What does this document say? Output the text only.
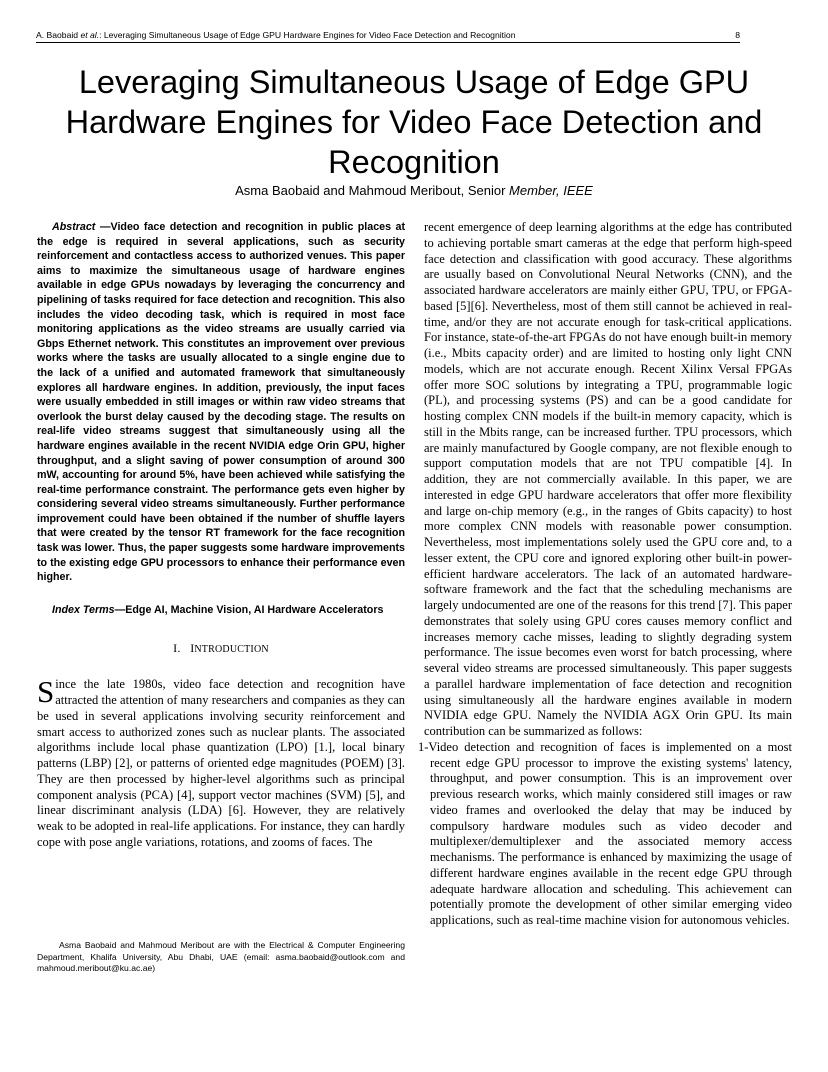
A. Baobaid et al.: Leveraging Simultaneous Usage of Edge GPU Hardware Engines for Video Face Detection and Recognition	8
Leveraging Simultaneous Usage of Edge GPU Hardware Engines for Video Face Detection and Recognition
Asma Baobaid and Mahmoud Meribout, Senior Member, IEEE

Abstract —Video face detection and recognition in public places at the edge is required in several applications, such as security reinforcement and contactless access to authorized venues. This paper aims to maximize the simultaneous usage of hardware engines available in edge GPUs nowadays by leveraging the concurrency and pipelining of tasks required for face detection and recognition. This also includes the video decoding task, which is required in most face monitoring applications as the video streams are usually carried via Gbps Ethernet network. This constitutes an improvement over previous works where the tasks are usually allocated to a single engine due to the lack of a unified and automated framework that simultaneously explores all hardware engines. In addition, previously, the input faces were usually embedded in still images or within raw video streams that overlook the burst delay caused by the decoding stage. The results on real-life video streams suggest that simultaneously using all the hardware engines available in the recent NVIDIA edge Orin GPU, higher throughput, and a slight saving of power consumption of around 300 mW, accounting for around 5%, have been achieved while satisfying the real-time performance constraint. The performance gets even higher by considering several video streams simultaneously. Further performance improvement could have been obtained if the number of shuffle layers that were created by the tensor RT framework for the face recognition task was lower. Thus, the paper suggests some hardware improvements to the existing edge GPU processors to enhance their performance even higher.

Index Terms—Edge AI, Machine Vision, AI Hardware Accelerators

I. INTRODUCTION

Since the late 1980s, video face detection and recognition have attracted the attention of many researchers and companies as they can be used in several applications involving security reinforcement and smart access to authorized zones such as nuclear plants. The associated algorithms include local phase quantization (LPO) [1.], local binary patterns (LBP) [2], or patterns of oriented edge magnitudes (POEM) [3]. They are then processed by higher-level algorithms such as principal component analysis (PCA) [4], support vector machines (SVM) [5], and linear discriminant analysis (LDA) [6]. However, they are relatively weak to be adopted in real-life applications. For instance, they can hardly cope with pose angle variations, rotations, and zooms of faces. The

Asma Baobaid and Mahmoud Meribout are with the Electrical & Computer Engineering Department, Khalifa University, Abu Dhabi, UAE (email: asma.baobaid@outlook.com and mahmoud.meribout@ku.ac.ae)

recent emergence of deep learning algorithms at the edge has contributed to achieving portable smart cameras at the edge that perform high-speed face detection and classification with good accuracy. These algorithms are usually based on Convolutional Neural Networks (CNN), and the associated hardware accelerators are mainly either GPU, TPU, or FPGA-based [5][6]. Nevertheless, most of them still cannot be achieved in real-time, and/or they are not accurate enough for task-critical applications. For instance, state-of-the-art FPGAs do not have enough built-in memory (i.e., Mbits capacity order) and are limited to hosting only light CNN models, which are not accurate enough. Recent Xilinx Versal FPGAs offer more SOC solutions by integrating a TPU, programmable logic (PL), and processing systems (PS) and can be a good candidate for hosting complex CNN models if the built-in memory capacity, which is still in the Mbits range, can be increased further. TPU processors, which are mainly manufactured by Google company, are not flexible enough to support computation models that are not TPU compatible [4]. In addition, they are not commercially available. In this paper, we are interested in edge GPU hardware accelerators that offer more flexibility and large on-chip memory (e.g., in the ranges of Gbits capacity) to host more complex CNN models with reasonable power consumption. Nevertheless, most implementations solely used the GPU core and, to a lesser extent, the CPU core and ignored exploring other built-in power-efficient hardware accelerators. The lack of an automated hardware-software framework and the fact that the scheduling mechanisms are largely undocumented are one of the reasons for this trend [7]. This paper demonstrates that solely using GPU cores causes memory conflict and increases memory cache misses, leading to slightly degrading system performance. The issue becomes even worst for batch processing, where several video streams are processed simultaneously. This paper suggests a parallel hardware implementation of face detection and recognition using simultaneously all the hardware engines available in modern NVIDIA edge GPU. Namely the NVIDIA AGX Orin GPU. Its main contribution can be summarized as follows:

1-Video detection and recognition of faces is implemented on a most recent edge GPU processor to improve the existing systems' latency, throughput, and power consumption. This is an improvement over previous research works, which mainly considered still images or raw video frames and overlooked the delay that may be induced by compulsory hardware modules such as video decoder and multiplexer/demultiplexer and the associated memory access mechanisms. The performance is enhanced by maximizing the usage of different hardware engines available in the recent edge GPU through adequate hardware allocation and scheduling. This achievement can potentially promote the development of other similar emerging video applications, such as real-time machine vision for autonomous vehicles.
